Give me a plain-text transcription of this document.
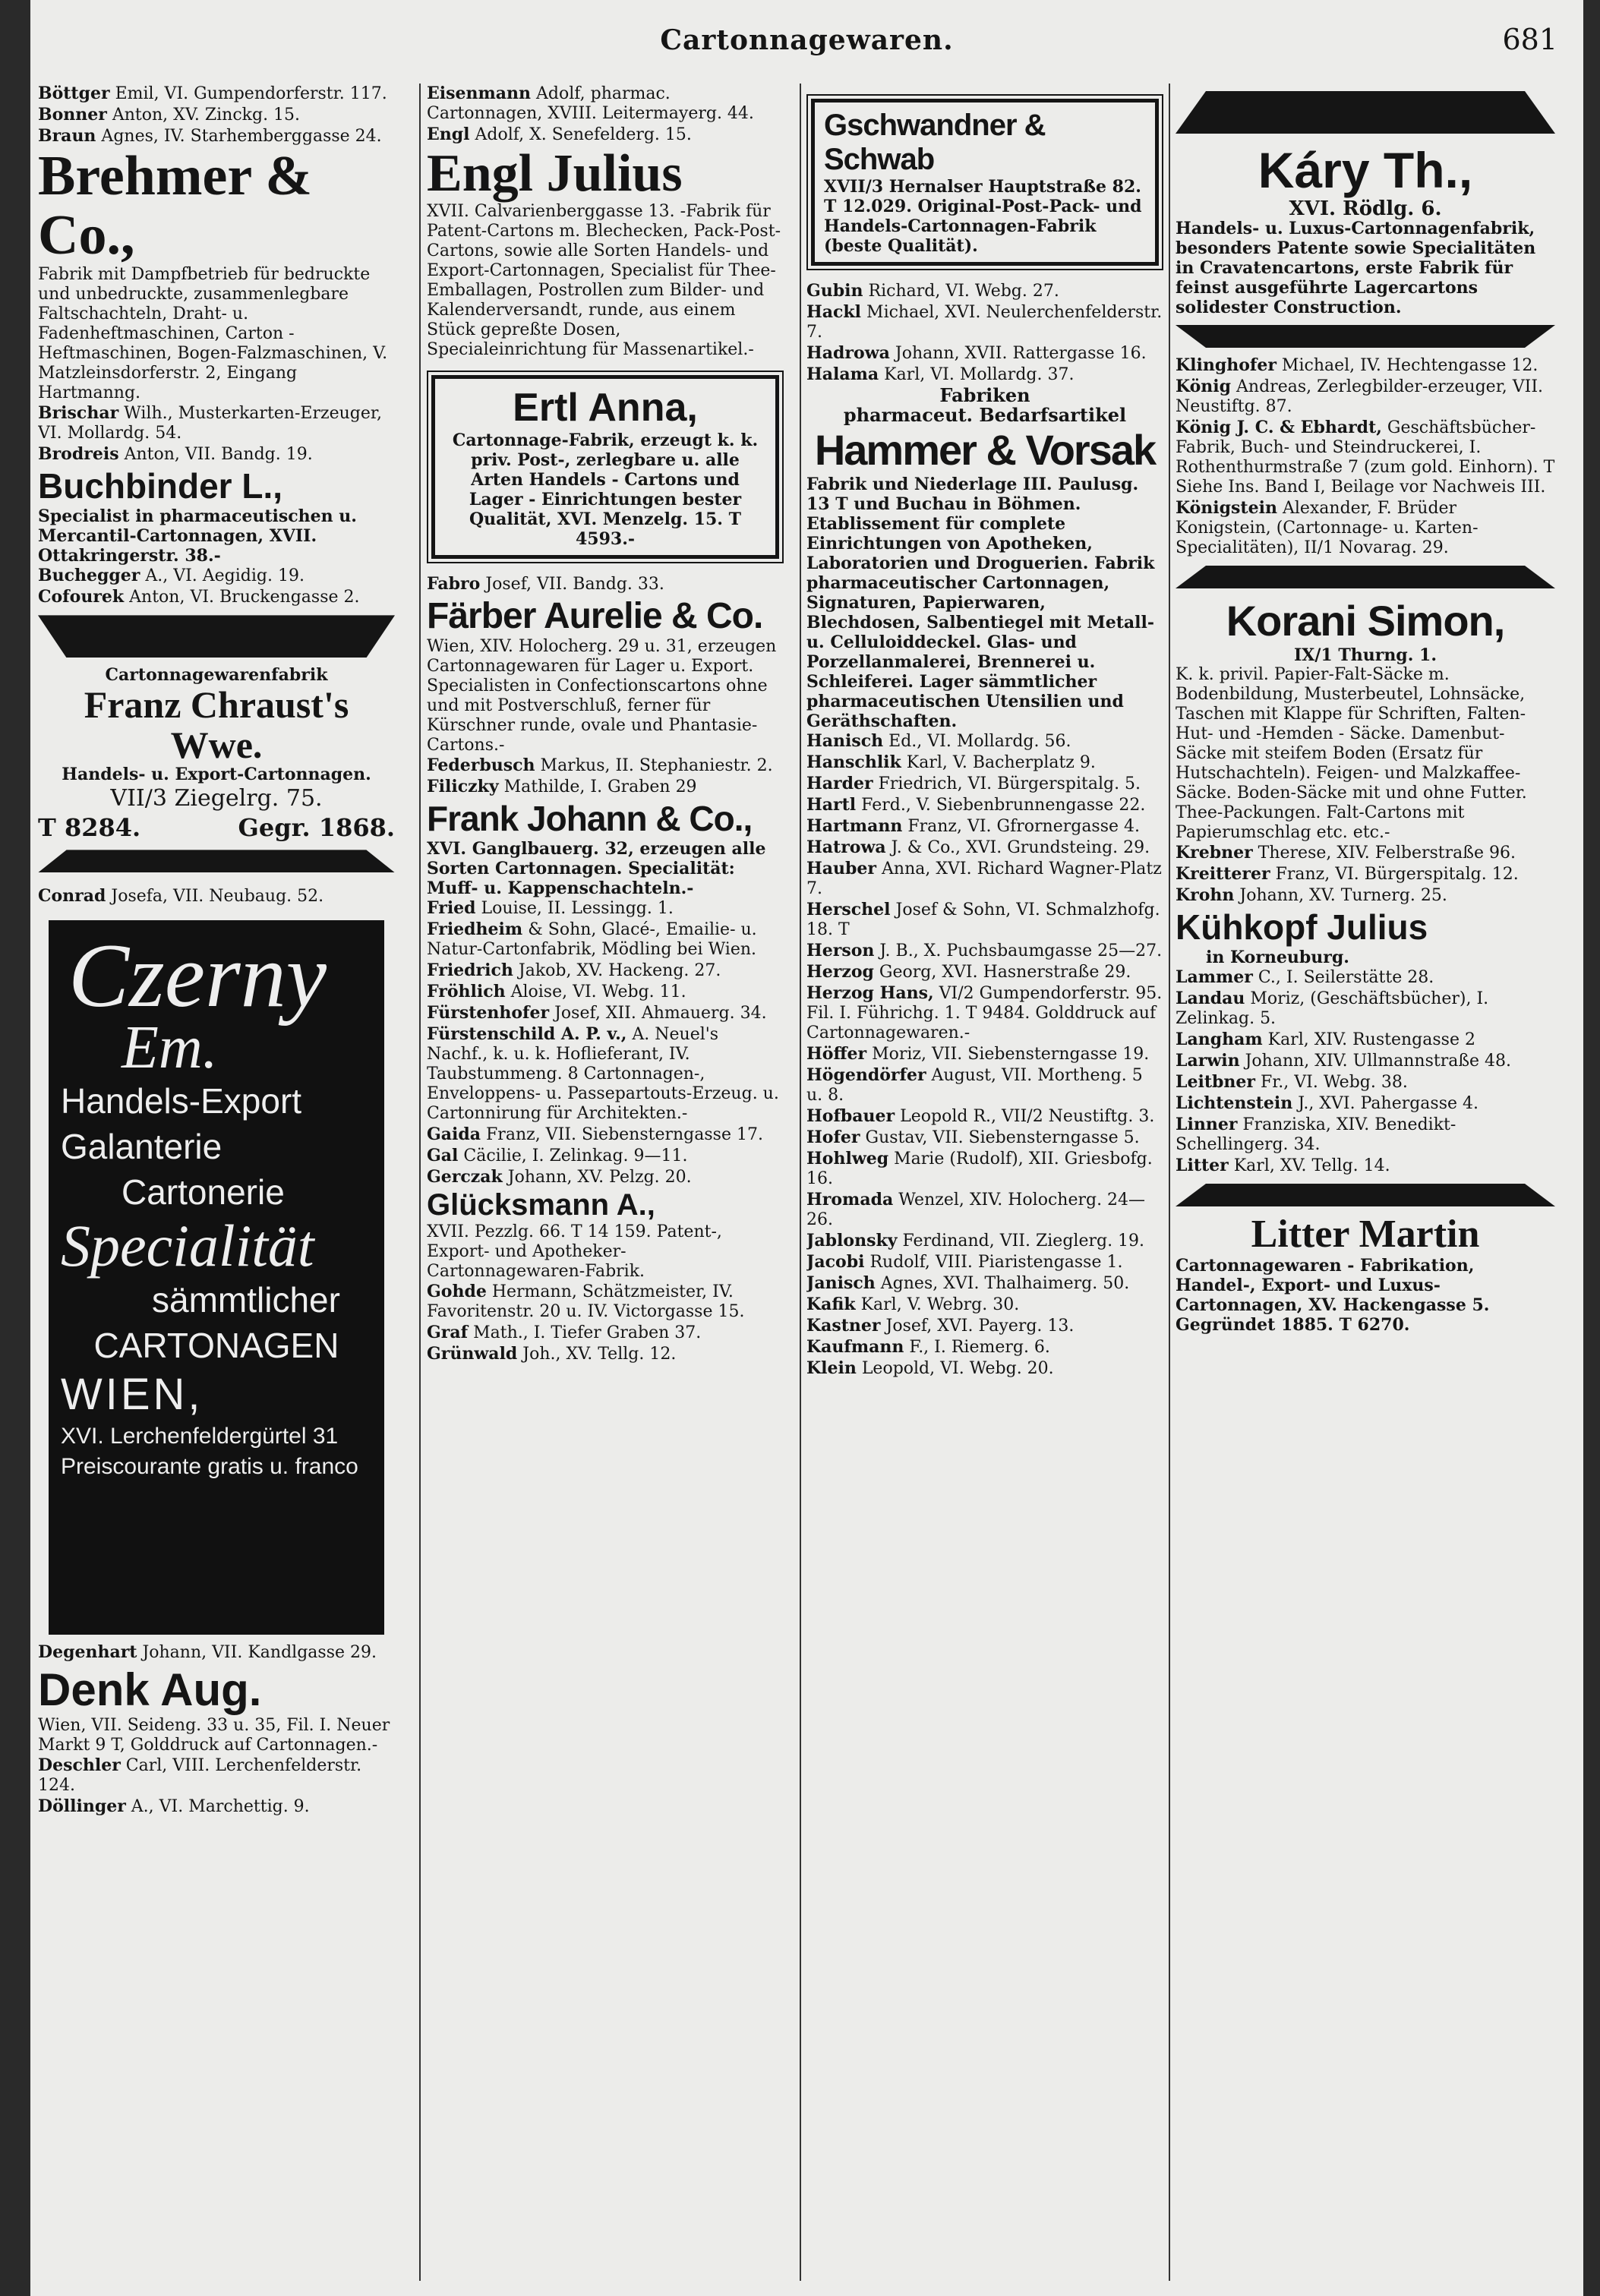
Cartonnagewaren.	681
Böttger Emil, VI. Gumpendorferstr. 117.
Bonner Anton, XV. Zinckg. 15.
Braun Agnes, IV. Starhemberggasse 24.
Brehmer & Co.,

Fabrik mit Dampfbetrieb für bedruckte und unbedruckte, zusammenlegbare Faltschachteln, Draht- u. Fadenheftmaschinen, Carton - Heftmaschinen, Bogen-Falzmaschinen, V. Matzleinsdorferstr. 2, Eingang Hartmanng.

Brischar Wilh., Musterkarten-Erzeuger, VI. Mollardg. 54.
Brodreis Anton, VII. Bandg. 19.
Buchbinder L.,

Specialist in pharmaceutischen u. Mercantil-Cartonnagen, XVII. Ottakringerstr. 38.-

Buchegger A., VI. Aegidig. 19.
Cofourek Anton, VI. Bruckengasse 2.

Cartonnagewarenfabrik

Franz Chraust's Wwe.

Handels- u. Export-Cartonnagen.

VII/3 Ziegelrg. 75.

T 8284.	Gegr. 1868.
Conrad Josefa, VII. Neubaug. 52.
Czerny
Em.
Handels-Export
Galanterie
Cartonerie
Specialität
sämmtlicher
CARTONAGEN
WIEN,
XVI. Lerchenfeldergürtel 31
Preiscourante gratis u. franco
Degenhart Johann, VII. Kandlgasse 29.
Denk Aug.

Wien, VII. Seideng. 33 u. 35, Fil. I. Neuer Markt 9 T, Golddruck auf Cartonnagen.-

Deschler Carl, VIII. Lerchenfelderstr. 124.
Döllinger A., VI. Marchettig. 9.
Eisenmann Adolf, pharmac. Cartonnagen, XVIII. Leitermayerg. 44.
Engl Adolf, X. Senefelderg. 15.
Engl Julius

XVII. Calvarienberggasse 13. -Fabrik für Patent-Cartons m. Blechecken, Pack-Post-Cartons, sowie alle Sorten Handels- und Export-Cartonnagen, Specialist für Thee-Emballagen, Postrollen zum Bilder- und Kalenderversandt, runde, aus einem Stück gepreßte Dosen, Specialeinrichtung für Massenartikel.-

Ertl Anna,

Cartonnage-Fabrik, erzeugt k. k. priv. Post-, zerlegbare u. alle Arten Handels - Cartons und Lager - Einrichtungen bester Qualität, XVI. Menzelg. 15. T 4593.-

Fabro Josef, VII. Bandg. 33.
Färber Aurelie & Co.

Wien, XIV. Holocherg. 29 u. 31, erzeugen Cartonnagewaren für Lager u. Export. Specialisten in Confectionscartons ohne und mit Postverschluß, ferner für Kürschner runde, ovale und Phantasie-Cartons.-

Federbusch Markus, II. Stephaniestr. 2.
Filiczky Mathilde, I. Graben 29
Frank Johann & Co.,

XVI. Ganglbauerg. 32, erzeugen alle Sorten Cartonnagen. Specialität: Muff- u. Kappenschachteln.-

Fried Louise, II. Lessingg. 1.
Friedheim & Sohn, Glacé-, Emailie- u. Natur-Cartonfabrik, Mödling bei Wien.
Friedrich Jakob, XV. Hackeng. 27.
Fröhlich Aloise, VI. Webg. 11.
Fürstenhofer Josef, XII. Ahmauerg. 34.
Fürstenschild A. P. v., A. Neuel's Nachf., k. u. k. Hoflieferant, IV. Taubstummeng. 8 Cartonnagen-, Enveloppens- u. Passepartouts-Erzeug. u. Cartonnirung für Architekten.-
Gaida Franz, VII. Siebensterngasse 17.
Gal Cäcilie, I. Zelinkag. 9—11.
Gerczak Johann, XV. Pelzg. 20.
Glücksmann A.,

XVII. Pezzlg. 66. T 14 159. Patent-, Export- und Apotheker-Cartonnagewaren-Fabrik.

Gohde Hermann, Schätzmeister, IV. Favoritenstr. 20 u. IV. Victorgasse 15.
Graf Math., I. Tiefer Graben 37.
Grünwald Joh., XV. Tellg. 12.
Gschwandner & Schwab

XVII/3 Hernalser Hauptstraße 82. T 12.029. Original-Post-Pack- und Handels-Cartonnagen-Fabrik (beste Qualität).

Gubin Richard, VI. Webg. 27.
Hackl Michael, XVI. Neulerchenfelderstr. 7.
Hadrowa Johann, XVII. Rattergasse 16.
Halama Karl, VI. Mollardg. 37.

Fabriken

pharmaceut. Bedarfsartikel

Hammer & Vorsak

Fabrik und Niederlage III. Paulusg. 13 T und Buchau in Böhmen. Etablissement für complete Einrichtungen von Apotheken, Laboratorien und Droguerien. Fabrik pharmaceutischer Cartonnagen, Signaturen, Papierwaren, Blechdosen, Salbentiegel mit Metall- u. Celluloiddeckel. Glas- und Porzellanmalerei, Brennerei u. Schleiferei. Lager sämmtlicher pharmaceutischen Utensilien und Geräthschaften.

Hanisch Ed., VI. Mollardg. 56.
Hanschlik Karl, V. Bacherplatz 9.
Harder Friedrich, VI. Bürgerspitalg. 5.
Hartl Ferd., V. Siebenbrunnengasse 22.
Hartmann Franz, VI. Gfrornergasse 4.
Hatrowa J. & Co., XVI. Grundsteing. 29.
Hauber Anna, XVI. Richard Wagner-Platz 7.
Herschel Josef & Sohn, VI. Schmalzhofg. 18. T
Herson J. B., X. Puchsbaumgasse 25—27.
Herzog Georg, XVI. Hasnerstraße 29.
Herzog Hans, VI/2 Gumpendorferstr. 95. Fil. I. Führichg. 1. T 9484. Golddruck auf Cartonnagewaren.-
Höffer Moriz, VII. Siebensterngasse 19.
Högendörfer August, VII. Mortheng. 5 u. 8.
Hofbauer Leopold R., VII/2 Neustiftg. 3.
Hofer Gustav, VII. Siebensterngasse 5.
Hohlweg Marie (Rudolf), XII. Griesbofg. 16.
Hromada Wenzel, XIV. Holocherg. 24—26.
Jablonsky Ferdinand, VII. Zieglerg. 19.
Jacobi Rudolf, VIII. Piaristengasse 1.
Janisch Agnes, XVI. Thalhaimerg. 50.
Kafik Karl, V. Webrg. 30.
Kastner Josef, XVI. Payerg. 13.
Kaufmann F., I. Riemerg. 6.
Klein Leopold, VI. Webg. 20.
Káry Th.,

XVI. Rödlg. 6.

Handels- u. Luxus-Cartonnagenfabrik, besonders Patente sowie Specialitäten in Cravatencartons, erste Fabrik für feinst ausgeführte Lagercartons solidester Construction.

Klinghofer Michael, IV. Hechtengasse 12.
König Andreas, Zerlegbilder-erzeuger, VII. Neustiftg. 87.
König J. C. & Ebhardt, Geschäftsbücher-Fabrik, Buch- und Steindruckerei, I. Rothenthurmstraße 7 (zum gold. Einhorn). T Siehe Ins. Band I, Beilage vor Nachweis III.
Königstein Alexander, F. Brüder Konigstein, (Cartonnage- u. Karten-Specialitäten), II/1 Novarag. 29.
Korani Simon,

IX/1 Thurng. 1.

K. k. privil. Papier-Falt-Säcke m. Bodenbildung, Musterbeutel, Lohnsäcke, Taschen mit Klappe für Schriften, Falten-Hut- und -Hemden - Säcke. Damenbut-Säcke mit steifem Boden (Ersatz für Hutschachteln). Feigen- und Malzkaffee-Säcke. Boden-Säcke mit und ohne Futter. Thee-Packungen. Falt-Cartons mit Papierumschlag etc. etc.-

Krebner Therese, XIV. Felberstraße 96.
Kreitterer Franz, VI. Bürgerspitalg. 12.
Krohn Johann, XV. Turnerg. 25.
Kühkopf Julius

in Korneuburg.

Lammer C., I. Seilerstätte 28.
Landau Moriz, (Geschäftsbücher), I. Zelinkag. 5.
Langham Karl, XIV. Rustengasse 2
Larwin Johann, XIV. Ullmannstraße 48.
Leitbner Fr., VI. Webg. 38.
Lichtenstein J., XVI. Pahergasse 4.
Linner Franziska, XIV. Benedikt-Schellingerg. 34.
Litter Karl, XV. Tellg. 14.
Litter Martin

Cartonnagewaren - Fabrikation, Handel-, Export- und Luxus-Cartonnagen, XV. Hackengasse 5. Gegründet 1885. T 6270.
